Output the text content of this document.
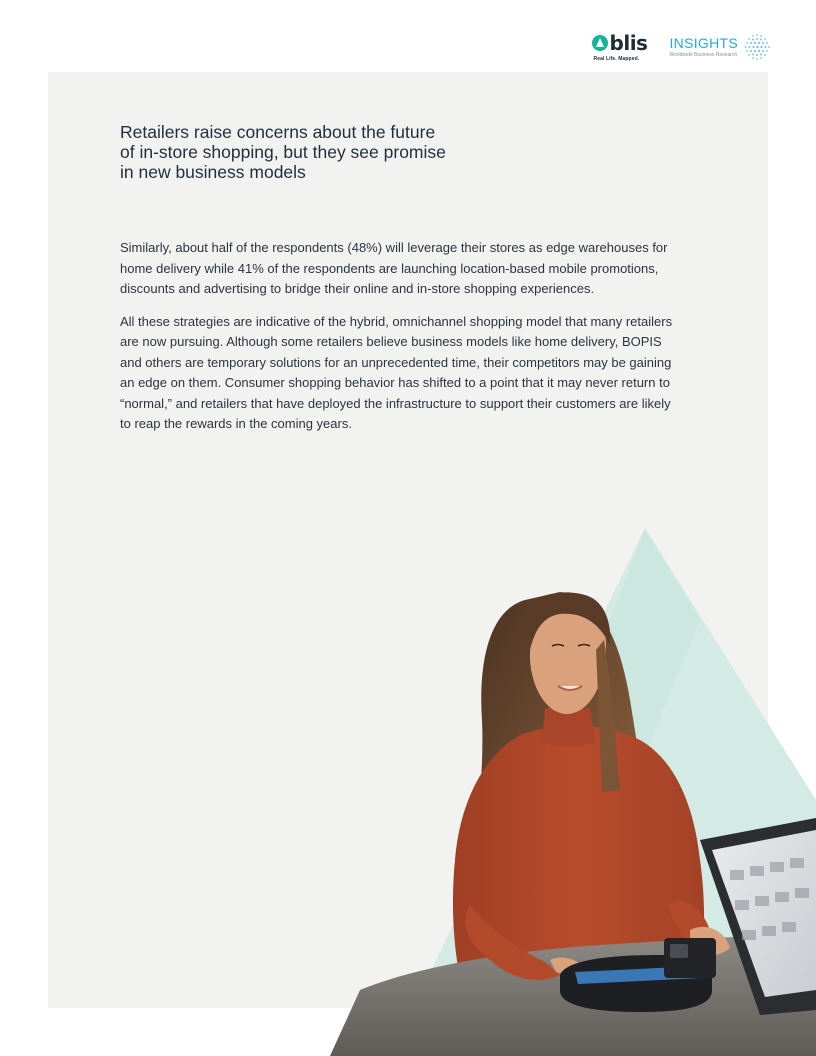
blis
Real Life. Mapped.
INSIGHTS
Worldwide Business Research
Retailers raise concerns about the future
of in-store shopping, but they see promise
in new business models

Similarly, about half of the respondents (48%) will leverage their stores as edge warehouses for home delivery while 41% of the respondents are launching location-based mobile promotions, discounts and advertising to bridge their online and in-store shopping experiences.

All these strategies are indicative of the hybrid, omnichannel shopping model that many retailers are now pursuing. Although some retailers believe business models like home delivery, BOPIS and others are temporary solutions for an unprecedented time, their competitors may be gaining an edge on them. Consumer shopping behavior has shifted to a point that it may never return to “normal,” and retailers that have deployed the infrastructure to support their customers are likely to reap the rewards in the coming years.
